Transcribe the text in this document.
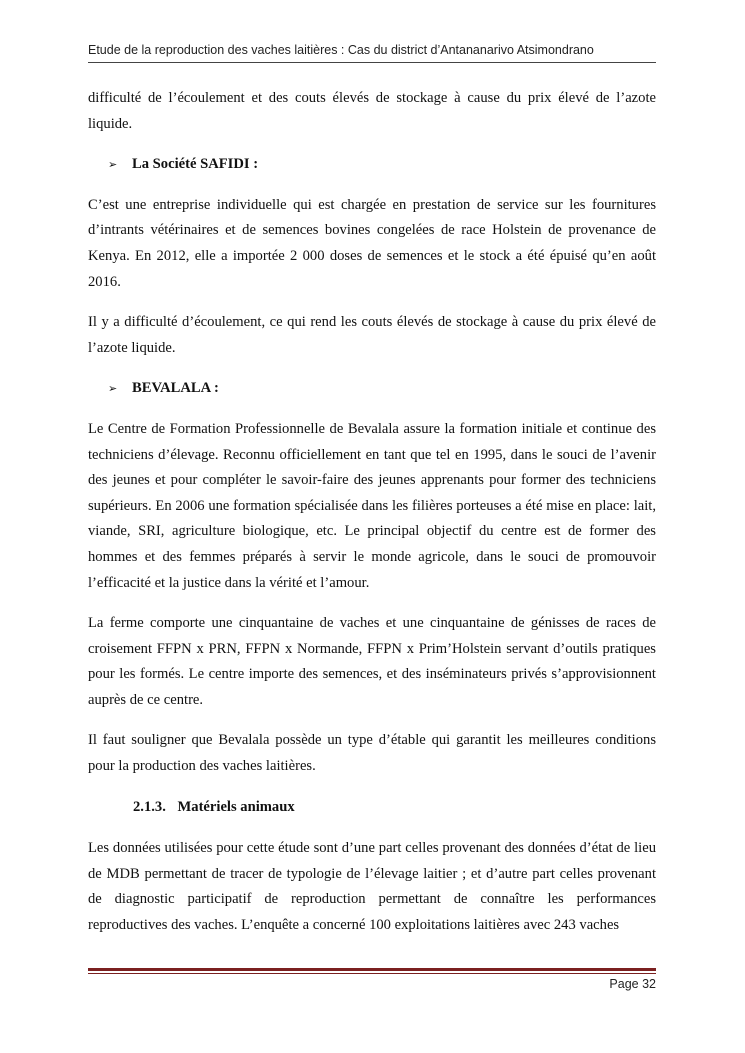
Etude de la reproduction des vaches laitières : Cas du district d’Antananarivo Atsimondrano

difficulté de l’écoulement et des couts élevés de stockage à cause du prix élevé de l’azote liquide.

➢	La Société SAFIDI :

C’est une entreprise individuelle qui est chargée en prestation de service sur les fournitures d’intrants vétérinaires et de semences bovines congelées de race Holstein de provenance de Kenya. En 2012, elle a importée 2 000 doses de semences et le stock a été épuisé qu’en août 2016.

Il y a difficulté d’écoulement, ce qui rend les couts élevés de stockage à cause du prix élevé de l’azote liquide.

➢	BEVALALA :

Le Centre de Formation Professionnelle de Bevalala assure la formation initiale et continue des techniciens d’élevage. Reconnu officiellement en tant que tel en 1995, dans le souci de l’avenir des jeunes et pour compléter le savoir-faire des jeunes apprenants pour former des techniciens supérieurs. En 2006 une formation spécialisée dans les filières porteuses a été mise en place: lait, viande, SRI, agriculture biologique, etc. Le principal objectif du centre est de former des hommes et des femmes préparés à servir le monde agricole, dans le souci de promouvoir l’efficacité et la justice dans la vérité et l’amour.

La ferme comporte une cinquantaine de vaches et une cinquantaine de génisses de races de croisement FFPN x PRN, FFPN x Normande, FFPN x Prim’Holstein servant d’outils pratiques pour les formés. Le centre importe des semences, et des inséminateurs privés s’approvisionnent auprès de ce centre.

Il faut souligner que Bevalala possède un type d’étable qui garantit les meilleures conditions pour la production des vaches laitières.

2.1.3. Matériels animaux

Les données utilisées pour cette étude sont d’une part celles provenant des données d’état de lieu de MDB permettant de tracer de typologie de l’élevage laitier ; et d’autre part celles provenant de diagnostic participatif de reproduction permettant de connaître les performances reproductives des vaches. L’enquête a concerné 100 exploitations laitières avec 243 vaches

Page 32
